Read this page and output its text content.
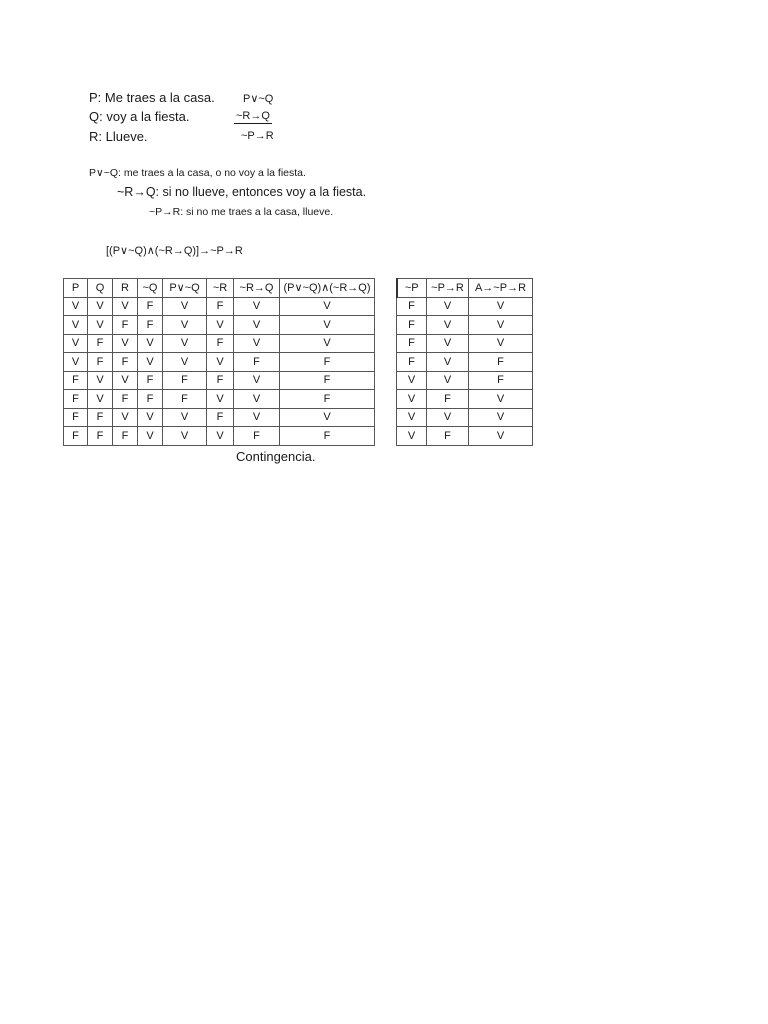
P: Me traes a la casa.
Q: voy a la fiesta.
R: Llueve.
P∨~Q
~R→Q
~P→R
P∨~Q: me traes a la casa, o no voy a la fiesta.
~R→Q: si no llueve, entonces voy a la fiesta.
~P→R: si no me traes a la casa, llueve.
[(P∨~Q)∧(~R→Q)]→~P→R
P	Q	R	~Q	P∨~Q	~R	~R→Q	(P∨~Q)∧(~R→Q)		~P	~P→R	A→~P→R
V	V	V	F	V	F	V	V		F	V	V
V	V	F	F	V	V	V	V		F	V	V
V	F	V	V	V	F	V	V		F	V	V
V	F	F	V	V	V	F	F		F	V	F
F	V	V	F	F	F	V	F		V	V	F
F	V	F	F	F	V	V	F		V	F	V
F	F	V	V	V	F	V	V		V	V	V
F	F	F	V	V	V	F	F		V	F	V
Contingencia.
